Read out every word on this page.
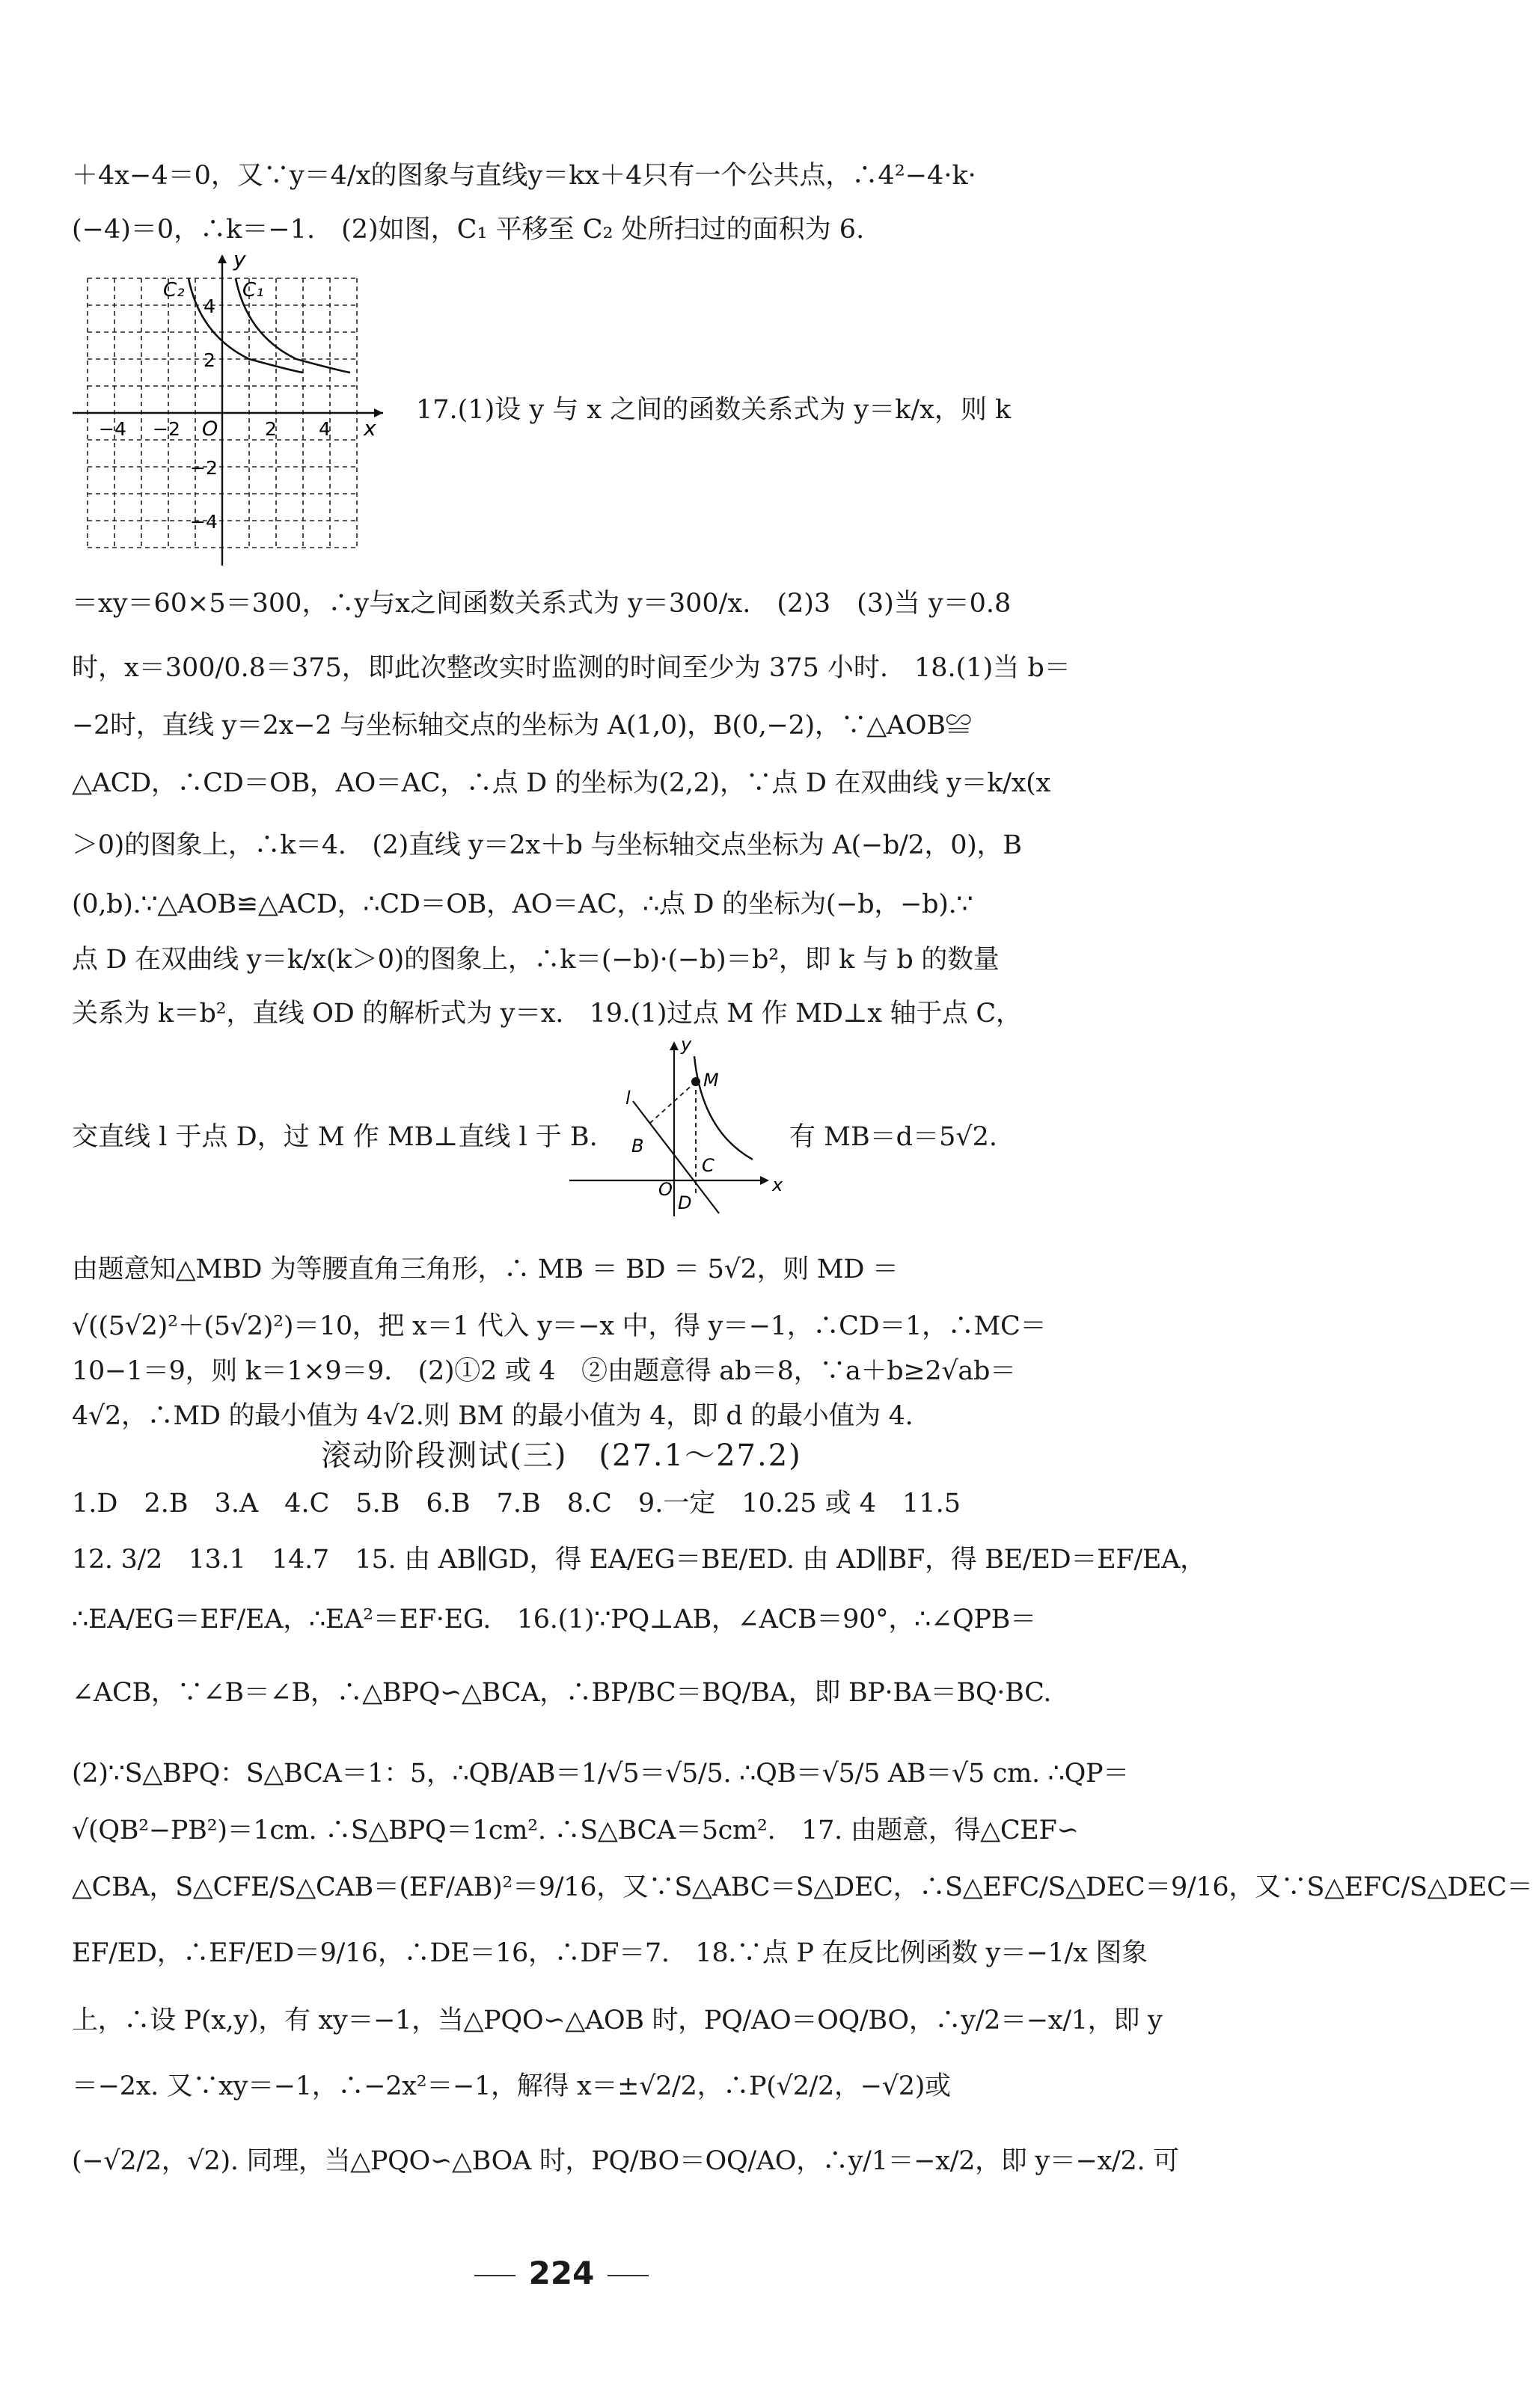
＋4x−4＝0，又∵y＝4/x的图象与直线y＝kx＋4只有一个公共点，∴4²−4·k·
(−4)＝0，∴k＝−1.　(2)如图，C₁ 平移至 C₂ 处所扫过的面积为 6.
y
x
O
C₂	C₁
−4 −2	2 4
4
2
−2
−4
17.(1)设 y 与 x 之间的函数关系式为 y＝k/x，则 k
＝xy＝60×5＝300，∴y与x之间函数关系式为 y＝300/x.　(2)3　(3)当 y＝0.8
时，x＝300/0.8＝375，即此次整改实时监测的时间至少为 375 小时.　18.(1)当 b＝
−2时，直线 y＝2x−2 与坐标轴交点的坐标为 A(1,0)，B(0,−2)，∵△AOB≌
△ACD，∴CD＝OB，AO＝AC，∴点 D 的坐标为(2,2)，∵点 D 在双曲线 y＝k/x(x
＞0)的图象上，∴k＝4.　(2)直线 y＝2x＋b 与坐标轴交点坐标为 A(−b/2，0)，B
(0,b).∵△AOB≌△ACD，∴CD＝OB，AO＝AC，∴点 D 的坐标为(−b，−b).∵
点 D 在双曲线 y＝k/x(k＞0)的图象上，∴k＝(−b)·(−b)＝b²，即 k 与 b 的数量
关系为 k＝b²，直线 OD 的解析式为 y＝x.　19.(1)过点 M 作 MD⊥x 轴于点 C，
交直线 l 于点 D，过 M 作 MB⊥直线 l 于 B.
y
x
M
B
C
D
O
l
有 MB＝d＝5√2.
由题意知△MBD 为等腰直角三角形，∴ MB ＝ BD ＝ 5√2，则 MD ＝
√((5√2)²＋(5√2)²)＝10，把 x＝1 代入 y＝−x 中，得 y＝−1，∴CD＝1，∴MC＝
10−1＝9，则 k＝1×9＝9.　(2)①2 或 4　②由题意得 ab＝8，∵a＋b≥2√ab＝
4√2，∴MD 的最小值为 4√2.则 BM 的最小值为 4，即 d 的最小值为 4.
滚动阶段测试(三)　(27.1～27.2)
1.D　2.B　3.A　4.C　5.B　6.B　7.B　8.C　9.一定　10.25 或 4　11.5
12. 3/2　13.1　14.7　15. 由 AB∥GD，得 EA/EG＝BE/ED. 由 AD∥BF，得 BE/ED＝EF/EA，
∴EA/EG＝EF/EA，∴EA²＝EF·EG.　16.(1)∵PQ⊥AB，∠ACB＝90°，∴∠QPB＝
∠ACB，∵∠B＝∠B，∴△BPQ∽△BCA，∴BP/BC＝BQ/BA，即 BP·BA＝BQ·BC.
(2)∵S△BPQ：S△BCA＝1：5，∴QB/AB＝1/√5＝√5/5. ∴QB＝√5/5 AB＝√5 cm. ∴QP＝
√(QB²−PB²)＝1cm. ∴S△BPQ＝1cm². ∴S△BCA＝5cm².　17. 由题意，得△CEF∽
△CBA，S△CFE/S△CAB＝(EF/AB)²＝9/16，又∵S△ABC＝S△DEC，∴S△EFC/S△DEC＝9/16，又∵S△EFC/S△DEC＝
EF/ED，∴EF/ED＝9/16，∴DE＝16，∴DF＝7.　18.∵点 P 在反比例函数 y＝−1/x 图象
上，∴设 P(x,y)，有 xy＝−1，当△PQO∽△AOB 时，PQ/AO＝OQ/BO，∴y/2＝−x/1，即 y
＝−2x. 又∵xy＝−1，∴−2x²＝−1，解得 x＝±√2/2，∴P(√2/2，−√2)或
(−√2/2，√2). 同理，当△PQO∽△BOA 时，PQ/BO＝OQ/AO，∴y/1＝−x/2，即 y＝−x/2. 可
224
